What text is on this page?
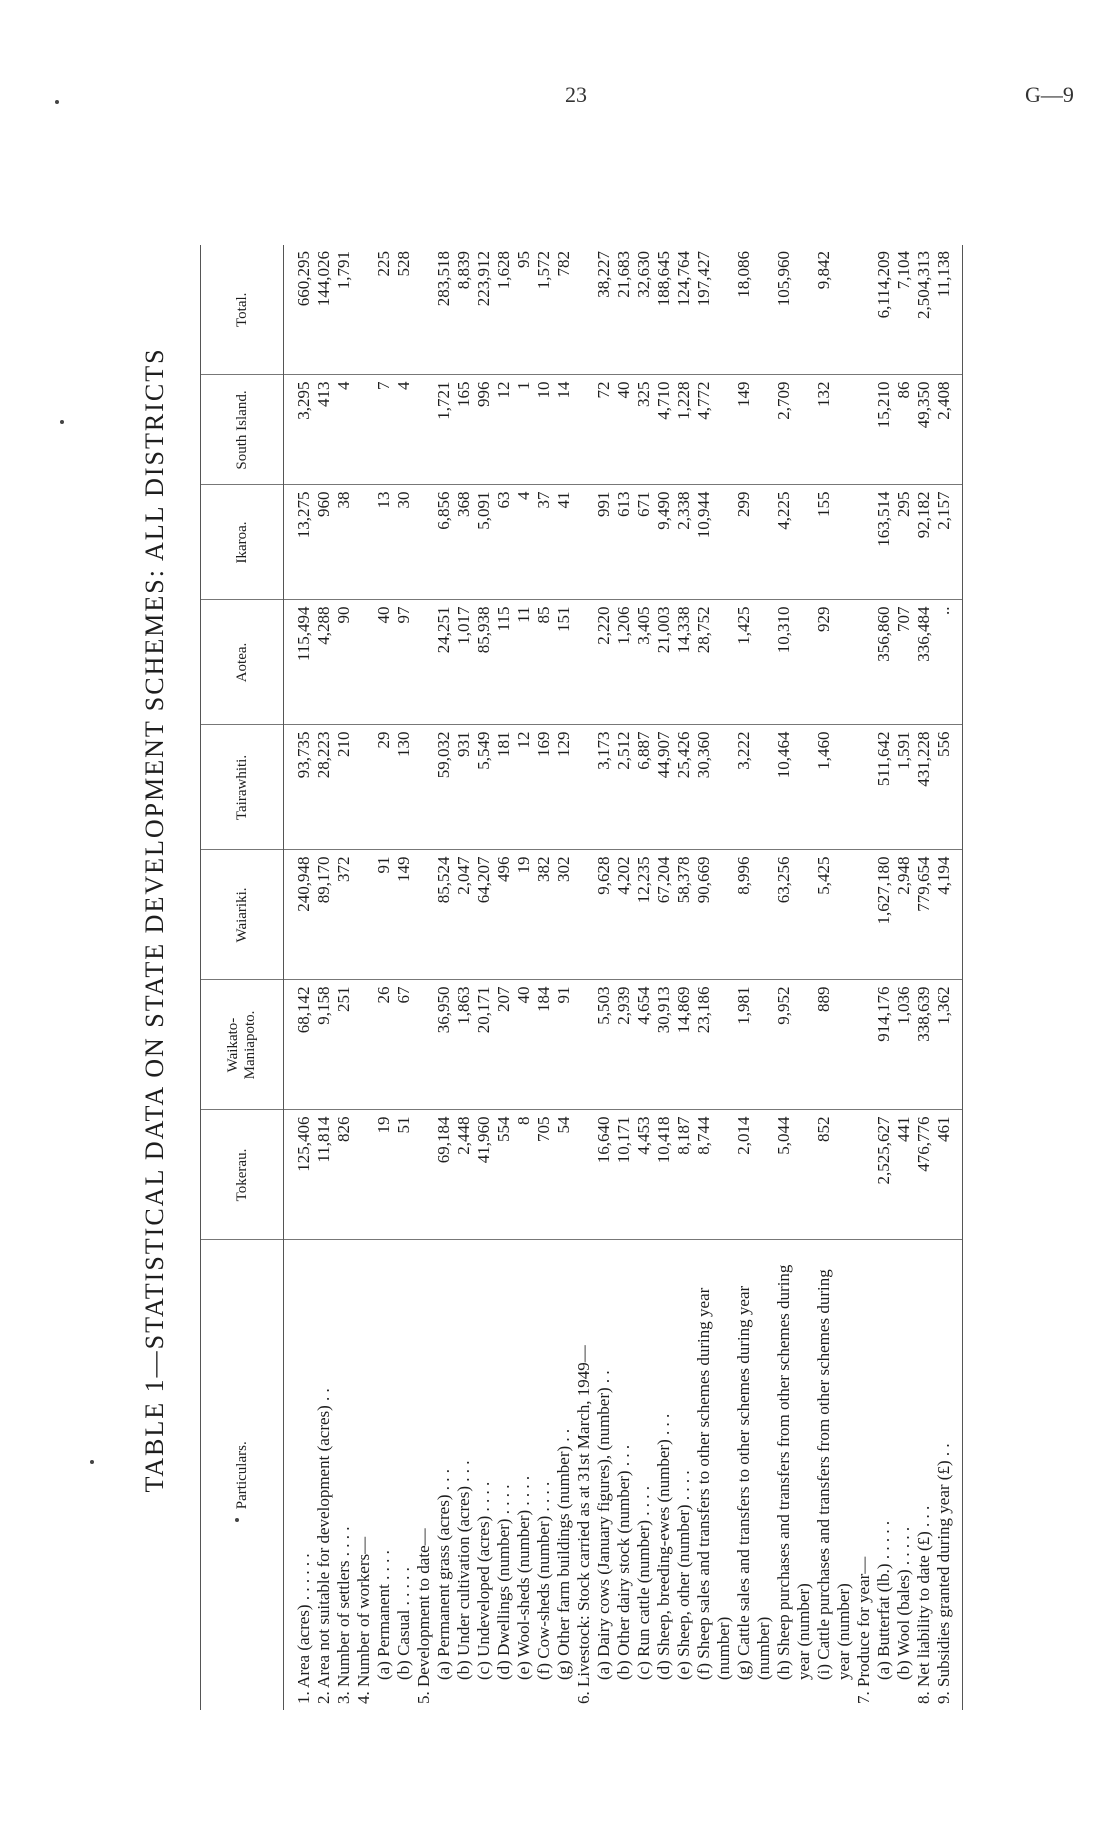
23	G—9
TABLE 1—STATISTICAL DATA ON STATE DEVELOPMENT SCHEMES: ALL DISTRICTS	Particulars.	Tokerau.	Waikato-Maniapoto.	Waiariki.	Tairawhiti.	Aotea.	Ikaroa.	South Island.	Total.
1. Area (acres) . . . . . .	125,406	68,142	240,948	93,735	115,494	13,275	3,295	660,295
2. Area not suitable for development (acres) . .	11,814	9,158	89,170	28,223	4,288	960	413	144,026
3. Number of settlers . . . .	826	251	372	210	90	38	4	1,791
4. Number of workers—								
(a) Permanent . . . .	19	26	91	29	40	13	7	225
(b) Casual . . . . .	51	67	149	130	97	30	4	528
5. Development to date—								
(a) Permanent grass (acres) . . .	69,184	36,950	85,524	59,032	24,251	6,856	1,721	283,518
(b) Under cultivation (acres) . . .	2,448	1,863	2,047	931	1,017	368	165	8,839
(c) Undeveloped (acres) . . . .	41,960	20,171	64,207	5,549	85,938	5,091	996	223,912
(d) Dwellings (number) . . . .	554	207	496	181	115	63	12	1,628
(e) Wool-sheds (number) . . . .	8	40	19	12	11	4	1	95
(f) Cow-sheds (number) . . . .	705	184	382	169	85	37	10	1,572
(g) Other farm buildings (number) . .	54	91	302	129	151	41	14	782
6. Livestock: Stock carried as at 31st March, 1949—								
(a) Dairy cows (January figures), (number) . .	16,640	5,503	9,628	3,173	2,220	991	72	38,227
(b) Other dairy stock (number) . . .	10,171	2,939	4,202	2,512	1,206	613	40	21,683
(c) Run cattle (number) . . . .	4,453	4,654	12,235	6,887	3,405	671	325	32,630
(d) Sheep, breeding-ewes (number) . . .	10,418	30,913	67,204	44,907	21,003	9,490	4,710	188,645
(e) Sheep, other (number) . . . .	8,187	14,869	58,378	25,426	14,338	2,338	1,228	124,764
(f) Sheep sales and transfers to other schemes during year (number)	8,744	23,186	90,669	30,360	28,752	10,944	4,772	197,427
(g) Cattle sales and transfers to other schemes during year (number)	2,014	1,981	8,996	3,222	1,425	299	149	18,086
(h) Sheep purchases and transfers from other schemes during year (number)	5,044	9,952	63,256	10,464	10,310	4,225	2,709	105,960
(i) Cattle purchases and transfers from other schemes during year (number)	852	889	5,425	1,460	929	155	132	9,842
7. Produce for year—								
(a) Butterfat (lb.) . . . . .	2,525,627	914,176	1,627,180	511,642	356,860	163,514	15,210	6,114,209
(b) Wool (bales) . . . . .	441	1,036	2,948	1,591	707	295	86	7,104
8. Net liability to date (£) . . .	476,776	338,639	779,654	431,228	336,484	92,182	49,350	2,504,313
9. Subsidies granted during year (£) . .	461	1,362	4,194	556	..	2,157	2,408	11,138
